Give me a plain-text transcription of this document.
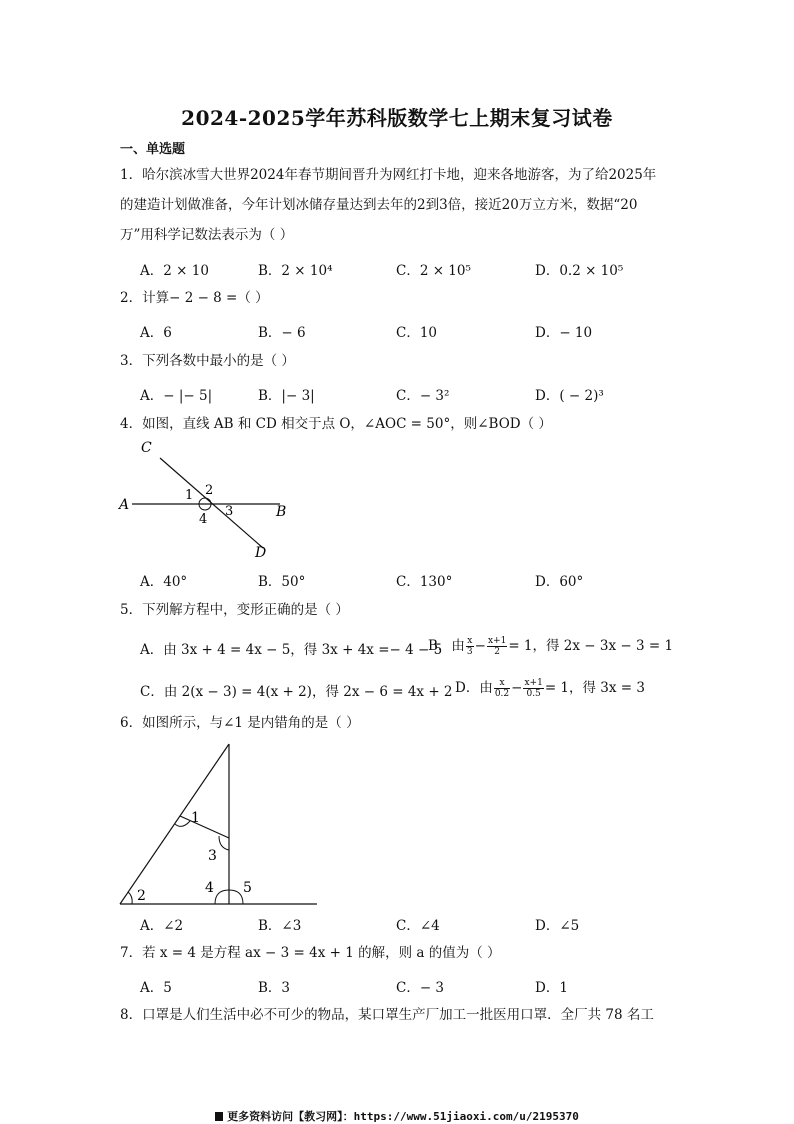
2024-2025学年苏科版数学七上期末复习试卷
一、单选题
1．哈尔滨冰雪大世界2024年春节期间晋升为网红打卡地，迎来各地游客，为了给2025年
的建造计划做准备，今年计划冰储存量达到去年的2到3倍，接近20万立方米，数据“20
万”用科学记数法表示为（ ）
A．2 × 10	B．2 × 10⁴	C．2 × 10⁵	D．0.2 × 10⁵
2．计算− 2 − 8 =（ ）
A．6	B．− 6	C．10	D．− 10
3．下列各数中最小的是（ ）
A．− |− 5|	B．|− 3|	C．− 3²	D．( − 2)³
4．如图，直线 AB 和 CD 相交于点 O，∠AOC = 50°，则∠BOD（ ）
C
A	B
D
1 2
3
4
A．40°	B．50°	C．130°	D．60°
5．下列解方程中，变形正确的是（ ）
A．由 3x + 4 = 4x − 5，得 3x + 4x =− 4 − 5
B．由 $\frac{x}{3} - \frac{x+1}{2} = 1$，得 2x − 3x − 3 = 1
C．由 2(x − 3) = 4(x + 2)，得 2x − 6 = 4x + 2 D．由 $\frac{x}{0.2} - \frac{x+1}{0.5} = 1$，得 3x = 3
6．如图所示，与∠1 是内错角的是（ ）
1
2
3
4 5
A．∠2	B．∠3	C．∠4	D．∠5
7．若 x = 4 是方程 ax − 3 = 4x + 1 的解，则 a 的值为（ ）
A．5	B．3	C．− 3	D．1
8．口罩是人们生活中必不可少的物品，某口罩生产厂加工一批医用口罩．全厂共 78 名工
更多资料访问【教习网】：https://www.51jiaoxi.com/u/2195370
